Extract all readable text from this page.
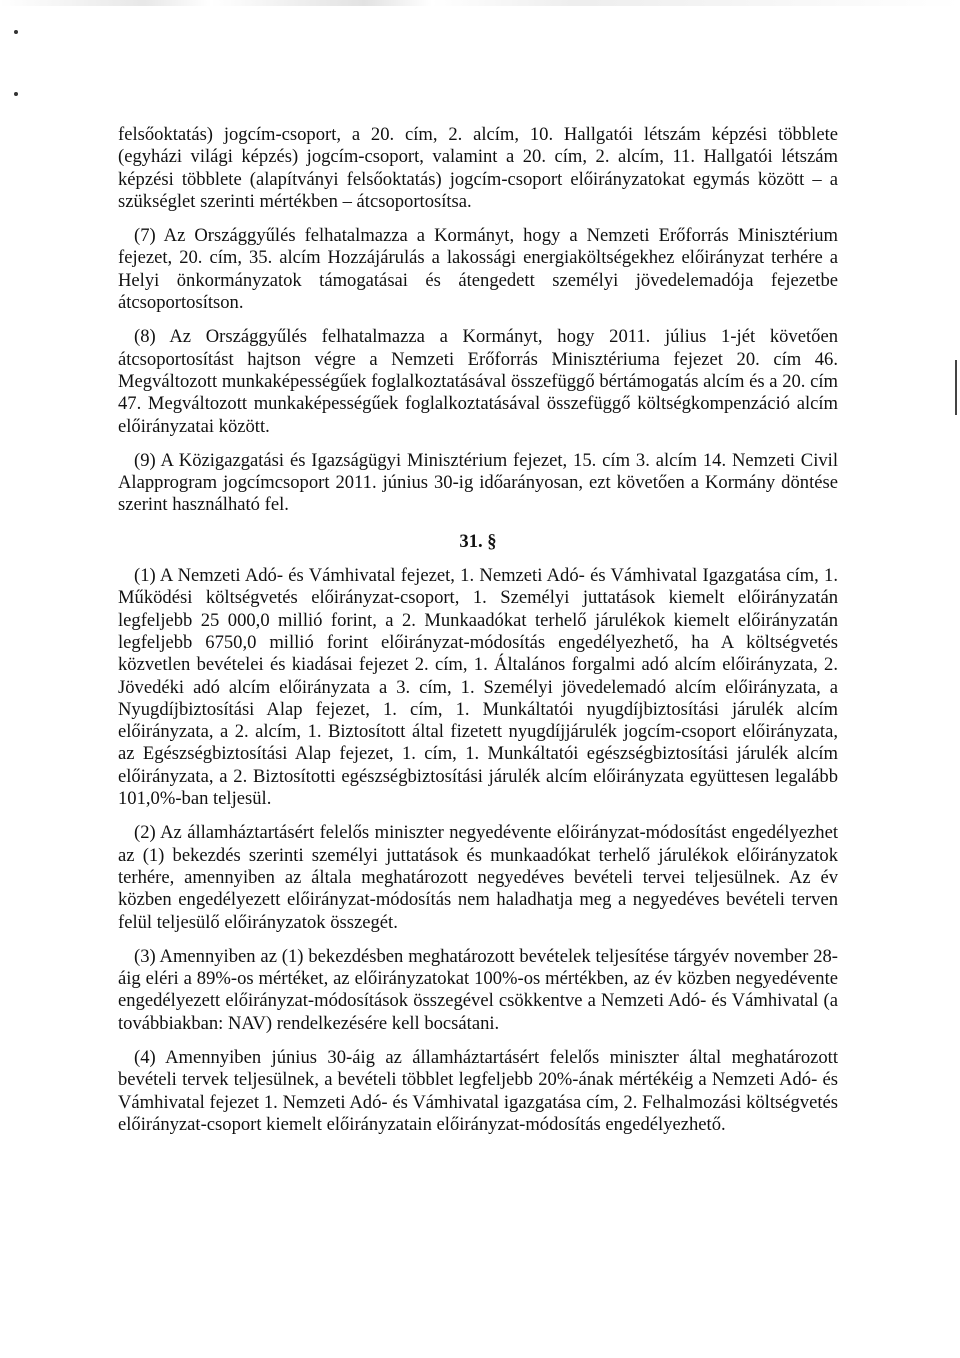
felsőoktatás) jogcím-csoport, a 20. cím, 2. alcím, 10. Hallgatói létszám képzési többlete (egyházi világi képzés) jogcím-csoport, valamint a 20. cím, 2. alcím, 11. Hallgatói létszám képzési többlete (alapítványi felsőoktatás) jogcím-csoport előirányzatokat egymás között – a szükséglet szerinti mértékben – átcsoportosítsa.

(7) Az Országgyűlés felhatalmazza a Kormányt, hogy a Nemzeti Erőforrás Minisztérium fejezet, 20. cím, 35. alcím Hozzájárulás a lakossági energiaköltségekhez előirányzat terhére a Helyi önkormányzatok támogatásai és átengedett személyi jövedelemadója fejezetbe átcsoportosítson.

(8) Az Országgyűlés felhatalmazza a Kormányt, hogy 2011. július 1-jét követően átcsoportosítást hajtson végre a Nemzeti Erőforrás Minisztériuma fejezet 20. cím 46. Megváltozott munkaképességűek foglalkoztatásával összefüggő bértámogatás alcím és a 20. cím 47. Megváltozott munkaképességűek foglalkoztatásával összefüggő költségkompenzáció alcím előirányzatai között.

(9) A Közigazgatási és Igazságügyi Minisztérium fejezet, 15. cím 3. alcím 14. Nemzeti Civil Alapprogram jogcímcsoport 2011. június 30-ig időarányosan, ezt követően a Kormány döntése szerint használható fel.

31. §

(1) A Nemzeti Adó- és Vámhivatal fejezet, 1. Nemzeti Adó- és Vámhivatal Igazgatása cím, 1. Működési költségvetés előirányzat-csoport, 1. Személyi juttatások kiemelt előirányzatán legfeljebb 25 000,0 millió forint, a 2. Munkaadókat terhelő járulékok kiemelt előirányzatán legfeljebb 6750,0 millió forint előirányzat-módosítás engedélyezhető, ha A költségvetés közvetlen bevételei és kiadásai fejezet 2. cím, 1. Általános forgalmi adó alcím előirányzata, 2. Jövedéki adó alcím előirányzata a 3. cím, 1. Személyi jövedelemadó alcím előirányzata, a Nyugdíjbiztosítási Alap fejezet, 1. cím, 1. Munkáltatói nyugdíjbiztosítási járulék alcím előirányzata, a 2. alcím, 1. Biztosított által fizetett nyugdíjjárulék jogcím-csoport előirányzata, az Egészségbiztosítási Alap fejezet, 1. cím, 1. Munkáltatói egészségbiztosítási járulék alcím előirányzata, a 2. Biztosítotti egészségbiztosítási járulék alcím előirányzata együttesen legalább 101,0%-ban teljesül.

(2) Az államháztartásért felelős miniszter negyedévente előirányzat-módosítást engedélyezhet az (1) bekezdés szerinti személyi juttatások és munkaadókat terhelő járulékok előirányzatok terhére, amennyiben az általa meghatározott negyedéves bevételi tervei teljesülnek. Az év közben engedélyezett előirányzat-módosítás nem haladhatja meg a negyedéves bevételi terven felül teljesülő előirányzatok összegét.

(3) Amennyiben az (1) bekezdésben meghatározott bevételek teljesítése tárgyév november 28-áig eléri a 89%-os mértéket, az előirányzatokat 100%-os mértékben, az év közben negyedévente engedélyezett előirányzat-módosítások összegével csökkentve a Nemzeti Adó- és Vámhivatal (a továbbiakban: NAV) rendelkezésére kell bocsátani.

(4) Amennyiben június 30-áig az államháztartásért felelős miniszter által meghatározott bevételi tervek teljesülnek, a bevételi többlet legfeljebb 20%-ának mértékéig a Nemzeti Adó- és Vámhivatal fejezet 1. Nemzeti Adó- és Vámhivatal igazgatása cím, 2. Felhalmozási költségvetés előirányzat-csoport kiemelt előirányzatain előirányzat-módosítás engedélyezhető.
